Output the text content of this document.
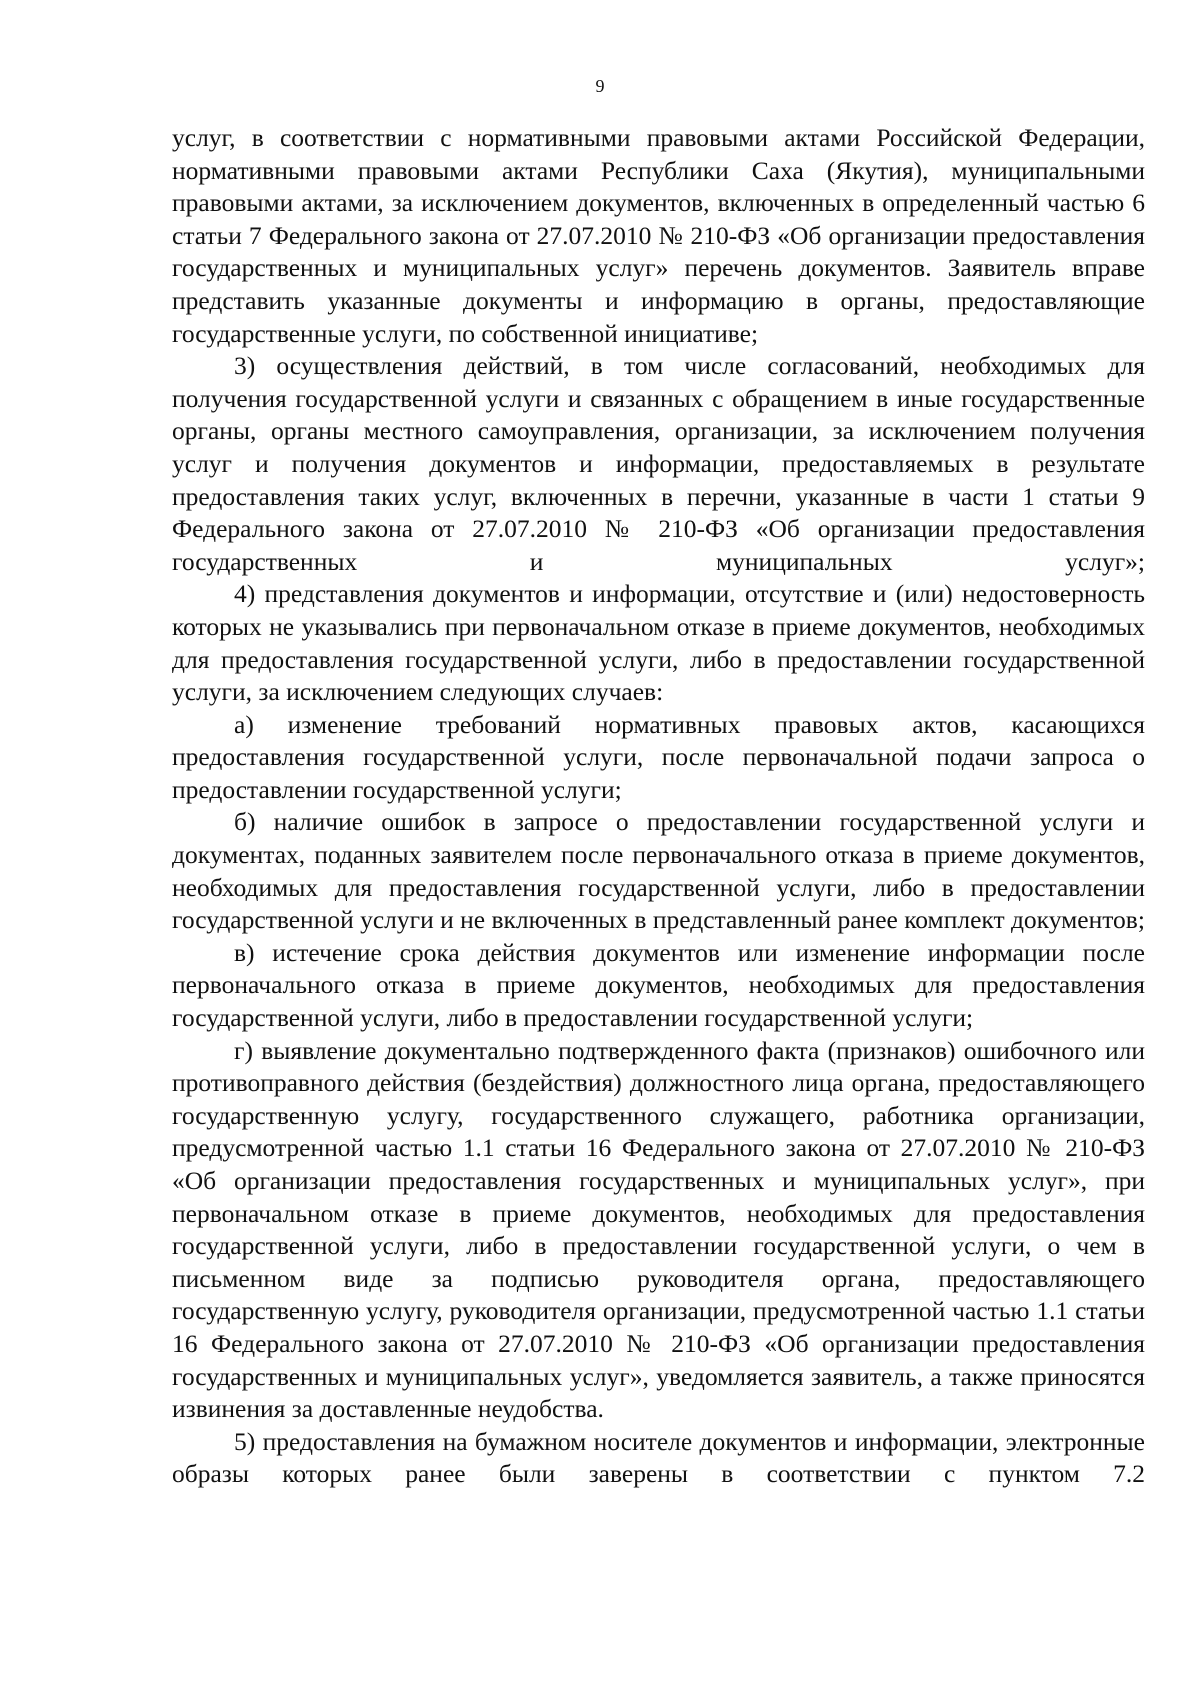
9

услуг, в соответствии с нормативными правовыми актами Российской Федерации, нормативными правовыми актами Республики Саха (Якутия), муниципальными правовыми актами, за исключением документов, включенных в определенный частью 6 статьи 7 Федерального закона от 27.07.2010 № 210-ФЗ «Об организации предоставления государственных и муниципальных услуг» перечень документов. Заявитель вправе представить указанные документы и информацию в органы, предоставляющие государственные услуги, по собственной инициативе;

3) осуществления действий, в том числе согласований, необходимых для получения государственной услуги и связанных с обращением в иные государственные органы, органы местного самоуправления, организации, за исключением получения услуг и получения документов и информации, предоставляемых в результате предоставления таких услуг, включенных в перечни, указанные в части 1 статьи 9 Федерального закона от 27.07.2010 № 210-ФЗ «Об организации предоставления государственных и муниципальных услуг»;

4) представления документов и информации, отсутствие и (или) недостоверность которых не указывались при первоначальном отказе в приеме документов, необходимых для предоставления государственной услуги, либо в предоставлении государственной услуги, за исключением следующих случаев:

а) изменение требований нормативных правовых актов, касающихся предоставления государственной услуги, после первоначальной подачи запроса о предоставлении государственной услуги;

б) наличие ошибок в запросе о предоставлении государственной услуги и документах, поданных заявителем после первоначального отказа в приеме документов, необходимых для предоставления государственной услуги, либо в предоставлении государственной услуги и не включенных в представленный ранее комплект документов;

в) истечение срока действия документов или изменение информации после первоначального отказа в приеме документов, необходимых для предоставления государственной услуги, либо в предоставлении государственной услуги;

г) выявление документально подтвержденного факта (признаков) ошибочного или противоправного действия (бездействия) должностного лица органа, предоставляющего государственную услугу, государственного служащего, работника организации, предусмотренной частью 1.1 статьи 16 Федерального закона от 27.07.2010 № 210-ФЗ «Об организации предоставления государственных и муниципальных услуг», при первоначальном отказе в приеме документов, необходимых для предоставления государственной услуги, либо в предоставлении государственной услуги, о чем в письменном виде за подписью руководителя органа, предоставляющего государственную услугу, руководителя организации, предусмотренной частью 1.1 статьи 16 Федерального закона от 27.07.2010 № 210-ФЗ «Об организации предоставления государственных и муниципальных услуг», уведомляется заявитель, а также приносятся извинения за доставленные неудобства.

5) предоставления на бумажном носителе документов и информации, электронные образы которых ранее были заверены в соответствии с пунктом 7.2
